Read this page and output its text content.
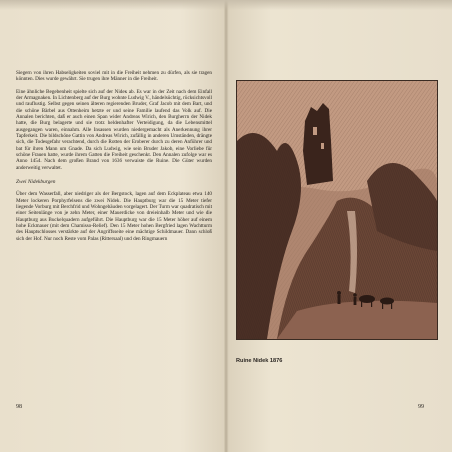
Siegern von ihren Habseligkeiten soviel mit in die Freiheit nehmen zu dürfen, als sie tragen könnten. Dies wurde gewährt. Sie trugen ihre Männer in die Freiheit.

Eine ähnliche Begebenheit spielte sich auf der Nideк ab. Es war in der Zeit nach dem Einfall der Armagnaken. In Lichtenberg auf der Burg wohnte Ludwig V., händelsüchtig, rücksichtsvoll und rauflustig. Selbst gegen seinen älteren regierenden Bruder, Graf Jacob mit dem Bart, und die schöne Bärbel aus Ottenheim hetzte er und seine Familie laufend das Volk auf. Die Annalen berichten, daß er auch einen Span wider Andreas Wirich, den Burgherrn der Nidek hatte, die Burg belagerte und sie trotz heldenhafter Verteidigung, da die Lebensmittel ausgegangen waren, einnahm. Alle Insassen wurden niedergemacht als Anerkennung ihrer Tapferkeit. Die bildschöne Gattin von Andreas Wirich, zufällig in anderen Umständen, drängte sich, die Todesgefahr verachtend, durch die Rotten der Eroberer durch zu deren Anführer und bat für ihren Mann um Gnade. Da sich Ludwig, wie sein Bruder Jakob, eine Vorliebe für schöne Frauen hatte, wurde ihrem Gatten die Freiheit geschenkt. Den Annalen zufolge war es Anno 1454. Nach dem großen Brand von 1636 verwaiste die Ruine. Die Güter wurden anderweitig verwaltet.

Zwei Nidekburgen

Über dem Wasserfall, aber niedriger als der Bergstock, lagen auf dem Eckplateau etwa 140 Meter lockeren Porphyrfelsens die zwei Nidek. Die Hauptburg war die 15 Meter tiefer liegende Vorburg mit Berchfrid und Wohngebäuden vorgelagert. Der Turm war quadratisch mit einer Seitenlänge von je zehn Meter, einer Mauerdicke von dreieinhalb Meter und wie die Hauptburg aus Buckelquadern aufgeführt. Die Hauptburg war die 15 Meter höher auf einem hohe Eckmauer (mit dem Chamisso-Relief). Den 15 Meter hohen Bergfried lagen Wachtturm des Hauptschlosses verstärkte auf der Angriffsseite eine mächtige Schildmauer. Dann schloß sich der Hof. Nur noch Reste vom Palas (Rittersaal) und den Ringmauern

98
Ruine Nidek 1876
99
